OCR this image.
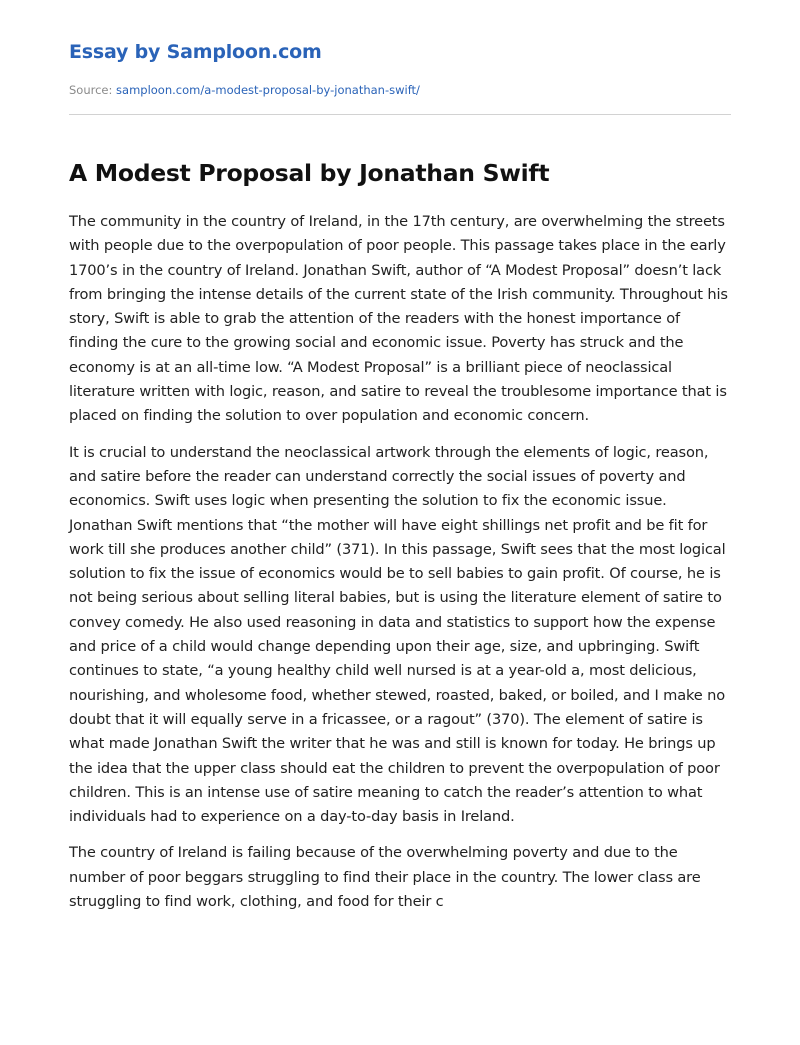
Essay by Samploon.com
Source: samploon.com/a-modest-proposal-by-jonathan-swift/
A Modest Proposal by Jonathan Swift

The community in the country of Ireland, in the 17th century, are overwhelming the streets with people due to the overpopulation of poor people. This passage takes place in the early 1700’s in the country of Ireland. Jonathan Swift, author of “A Modest Proposal” doesn’t lack from bringing the intense details of the current state of the Irish community. Throughout his story, Swift is able to grab the attention of the readers with the honest importance of finding the cure to the growing social and economic issue. Poverty has struck and the economy is at an all-time low. “A Modest Proposal” is a brilliant piece of neoclassical literature written with logic, reason, and satire to reveal the troublesome importance that is placed on finding the solution to over population and economic concern.

It is crucial to understand the neoclassical artwork through the elements of logic, reason, and satire before the reader can understand correctly the social issues of poverty and economics. Swift uses logic when presenting the solution to fix the economic issue. Jonathan Swift mentions that “the mother will have eight shillings net profit and be fit for work till she produces another child” (371). In this passage, Swift sees that the most logical solution to fix the issue of economics would be to sell babies to gain profit. Of course, he is not being serious about selling literal babies, but is using the literature element of satire to convey comedy. He also used reasoning in data and statistics to support how the expense and price of a child would change depending upon their age, size, and upbringing. Swift continues to state, “a young healthy child well nursed is at a year-old a, most delicious, nourishing, and wholesome food, whether stewed, roasted, baked, or boiled, and I make no doubt that it will equally serve in a fricassee, or a ragout” (370). The element of satire is what made Jonathan Swift the writer that he was and still is known for today. He brings up the idea that the upper class should eat the children to prevent the overpopulation of poor children. This is an intense use of satire meaning to catch the reader’s attention to what individuals had to experience on a day-to-day basis in Ireland.

The country of Ireland is failing because of the overwhelming poverty and due to the number of poor beggars struggling to find their place in the country. The lower class are struggling to find work, clothing, and food for their c
